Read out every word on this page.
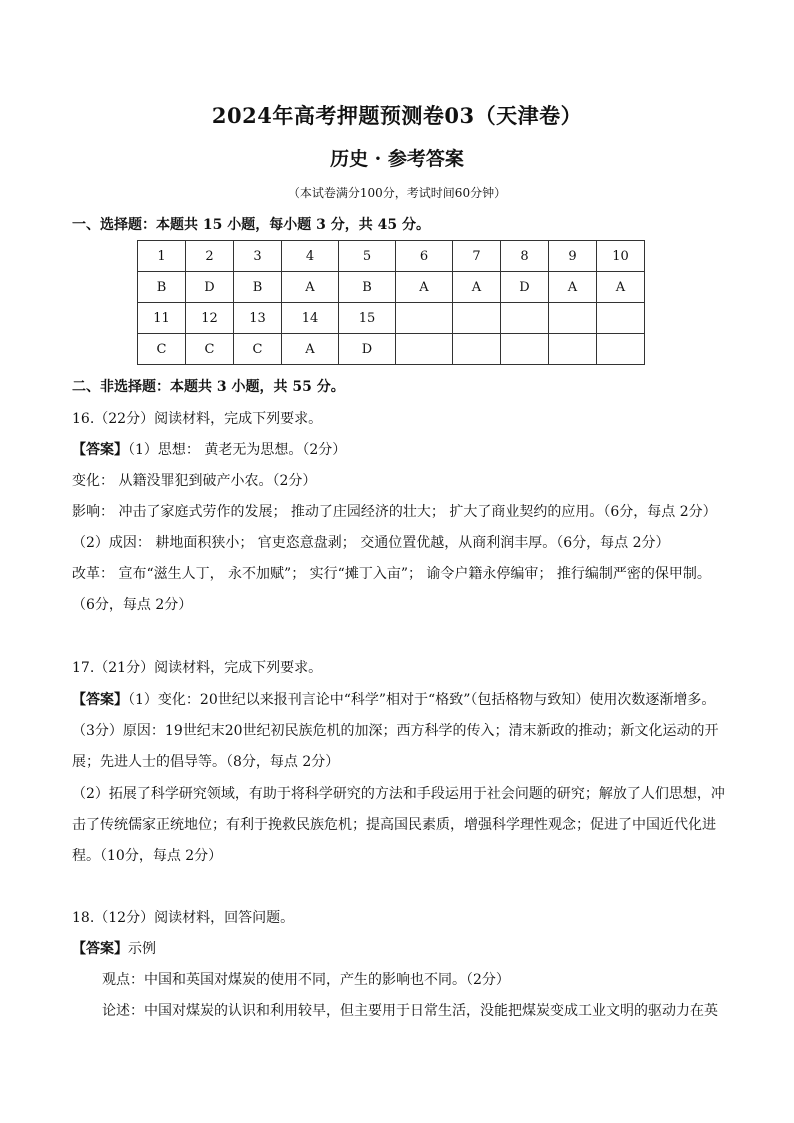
2024年高考押题预测卷03（天津卷）
历史 · 参考答案
（本试卷满分100分，考试时间60分钟）
一、选择题：本题共 15 小题，每小题 3 分，共 45 分。
1	2	3	4	5	6	7	8	9	10
B	D	B	A	B	A	A	D	A	A
11	12	13	14	15					
C	C	C	A	D					
二、非选择题：本题共 3 小题，共 55 分。
16.（22分）阅读材料，完成下列要求。
【答案】（1）思想： 黄老无为思想。（2分）
变化： 从籍没罪犯到破产小农。（2分）
影响： 冲击了家庭式劳作的发展； 推动了庄园经济的壮大； 扩大了商业契约的应用。（6分，每点 2分）
（2）成因： 耕地面积狭小； 官吏恣意盘剥； 交通位置优越，从商利润丰厚。（6分，每点 2分）
改革： 宣布“滋生人丁， 永不加赋”； 实行“摊丁入亩”； 谕令户籍永停编审； 推行编制严密的保甲制。
（6分，每点 2分）
17.（21分）阅读材料，完成下列要求。
【答案】（1）变化：20世纪以来报刊言论中“科学”相对于“格致”（包括格物与致知）使用次数逐渐增多。
（3分）原因：19世纪末20世纪初民族危机的加深；西方科学的传入；清末新政的推动；新文化运动的开
展；先进人士的倡导等。（8分，每点 2分）
（2）拓展了科学研究领域，有助于将科学研究的方法和手段运用于社会问题的研究；解放了人们思想，冲
击了传统儒家正统地位；有利于挽救民族危机；提高国民素质，增强科学理性观念；促进了中国近代化进
程。（10分，每点 2分）
18.（12分）阅读材料，回答问题。
【答案】示例
观点：中国和英国对煤炭的使用不同，产生的影响也不同。（2分）
论述：中国对煤炭的认识和利用较早，但主要用于日常生活，没能把煤炭变成工业文明的驱动力在英
